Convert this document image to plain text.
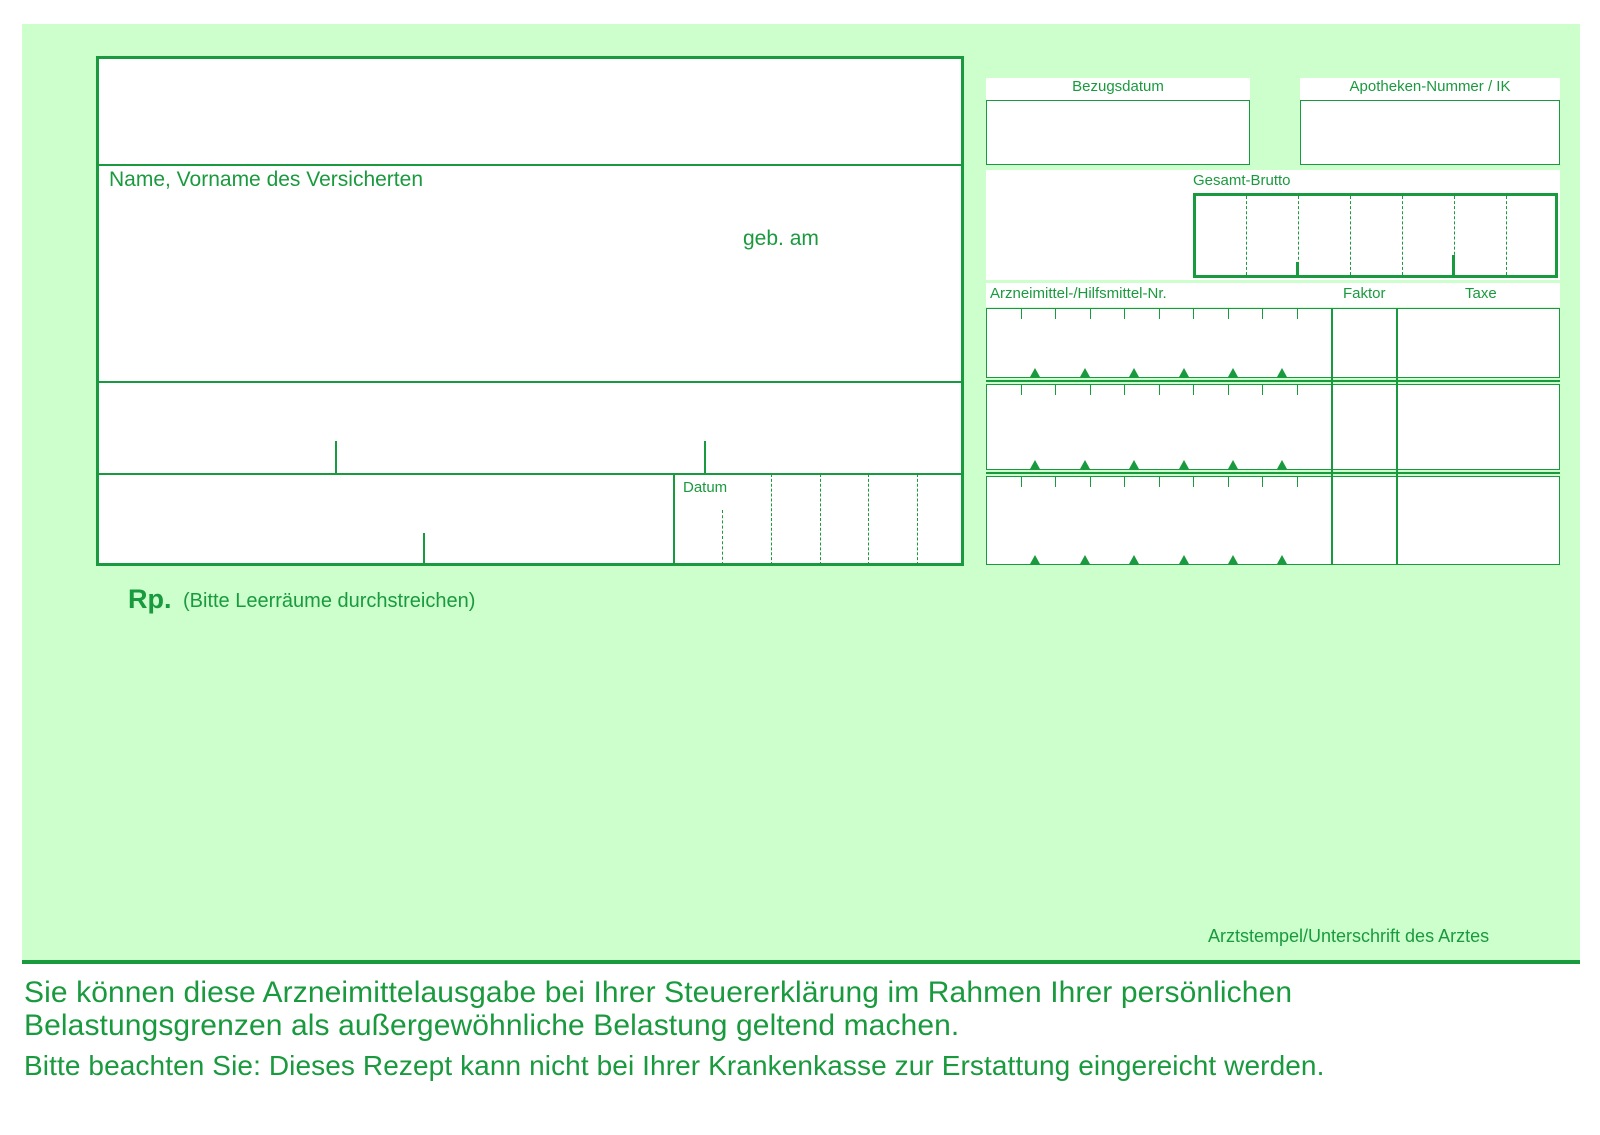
Name, Vorname des Versicherten
geb. am
Datum
Rp. (Bitte Leerräume durchstreichen)
Bezugsdatum	Apotheken-Nummer / IK
Gesamt-Brutto
Arzneimittel-/Hilfsmittel-Nr.	Faktor	Taxe
Arztstempel/Unterschrift des Arztes
Sie können diese Arzneimittelausgabe bei Ihrer Steuererklärung im Rahmen Ihrer persönlichen
Belastungsgrenzen als außergewöhnliche Belastung geltend machen.
Bitte beachten Sie: Dieses Rezept kann nicht bei Ihrer Krankenkasse zur Erstattung eingereicht werden.
